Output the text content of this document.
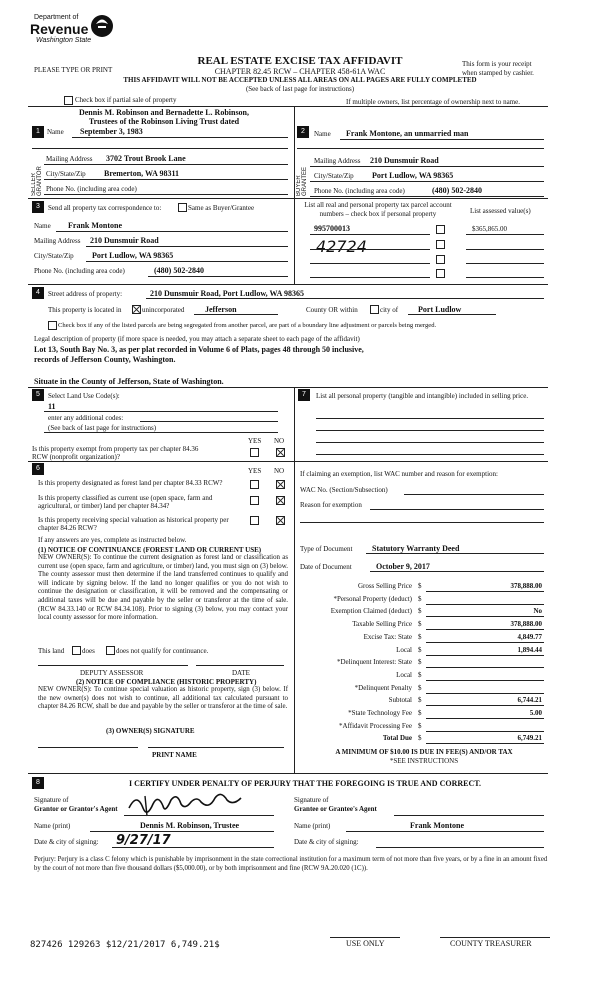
Department of
Revenue
Washington State
REAL ESTATE EXCISE TAX AFFIDAVIT
CHAPTER 82.45 RCW – CHAPTER 458-61A WAC
THIS AFFIDAVIT WILL NOT BE ACCEPTED UNLESS ALL AREAS ON ALL PAGES ARE FULLY COMPLETED
(See back of last page for instructions)
PLEASE TYPE OR PRINT
This form is your receipt
when stamped by cashier.
Check box if partial sale of property	If multiple owners, list percentage of ownership next to name.
Dennis M. Robinson and Bernadette L. Robinson,
Trustees of the Robinson Living Trust dated
1	Name September 3, 1983
SELLER GRANTOR
Mailing Address 3702 Trout Brook Lane
City/State/Zip Bremerton, WA 98311
Phone No. (including area code)
2	Name Frank Montone, an unmarried man
BUYER GRANTEE
Mailing Address 210 Dunsmuir Road
City/State/Zip Port Ludlow, WA 98365
Phone No. (including area code)	(480) 502-2840
3	Send all property tax correspondence to:	Same as Buyer/Grantee
Name Frank Montone
Mailing Address 210 Dunsmuir Road
City/State/Zip Port Ludlow, WA 98365
Phone No. (including area code)	(480) 502-2840
List all real and personal property tax parcel account
numbers – check box if personal property	List assessed value(s)
995700013	$365,865.00
42724
4	Street address of property:	210 Dunsmuir Road, Port Ludlow, WA 98365
This property is located in	unincorporated	Jefferson	County OR within	city of Port Ludlow
Check box if any of the listed parcels are being segregated from another parcel, are part of a boundary line adjustment or parcels being merged.
Legal description of property (if more space is needed, you may attach a separate sheet to each page of the affidavit)
Lot 13, South Bay No. 3, as per plat recorded in Volume 6 of Plats, pages 48 through 50 inclusive,
records of Jefferson County, Washington.
Situate in the County of Jefferson, State of Washington.
5	Select Land Use Code(s):
11
enter any additional codes:
(See back of last page for instructions)
YES NO
Is this property exempt from property tax per chapter 84.36 RCW (nonprofit organization)?
7	List all personal property (tangible and intangible) included in selling price.
6	YES NO
Is this property designated as forest land per chapter 84.33 RCW?
Is this property classified as current use (open space, farm and agricultural, or timber) land per chapter 84.34?
Is this property receiving special valuation as historical property per chapter 84.26 RCW?
If any answers are yes, complete as instructed below.
(1) NOTICE OF CONTINUANCE (FOREST LAND OR CURRENT USE)
NEW OWNER(S): To continue the current designation as forest land or classification as current use (open space, farm and agriculture, or timber) land, you must sign on (3) below. The county assessor must then determine if the land transferred continues to qualify and will indicate by signing below. If the land no longer qualifies or you do not wish to continue the designation or classification, it will be removed and the compensating or additional taxes will be due and payable by the seller or transferor at the time of sale. (RCW 84.33.140 or RCW 84.34.108). Prior to signing (3) below, you may contact your local county assessor for more information.
This land	does	does not qualify for continuance.
DEPUTY ASSESSOR	DATE
(2) NOTICE OF COMPLIANCE (HISTORIC PROPERTY)
NEW OWNER(S): To continue special valuation as historic property, sign (3) below. If the new owner(s) does not wish to continue, all additional tax calculated pursuant to chapter 84.26 RCW, shall be due and payable by the seller or transferor at the time of sale.
(3) OWNER(S) SIGNATURE
PRINT NAME
If claiming an exemption, list WAC number and reason for exemption:
WAC No. (Section/Subsection)
Reason for exemption
Type of Document Statutory Warranty Deed
Date of Document	October 9, 2017
Gross Selling Price $	378,888.00
*Personal Property (deduct) $
Exemption Claimed (deduct) $	No
Taxable Selling Price $	378,888.00
Excise Tax: State $	4,849.77
Local $	1,894.44
*Delinquent Interest: State $
Local $
*Delinquent Penalty $
Subtotal $	6,744.21
*State Technology Fee $	5.00
*Affidavit Processing Fee $
Total Due $	6,749.21
A MINIMUM OF $10.00 IS DUE IN FEE(S) AND/OR TAX
*SEE INSTRUCTIONS
8	I CERTIFY UNDER PENALTY OF PERJURY THAT THE FOREGOING IS TRUE AND CORRECT.
Signature of
Grantor or Grantor's Agent
Signature of
Grantee or Grantee's Agent
Name (print)	Dennis M. Robinson, Trustee	Name (print)	Frank Montone
Date & city of signing: 9/27/17	Date & city of signing:
Perjury: Perjury is a class C felony which is punishable by imprisonment in the state correctional institution for a maximum term of not more than five years, or by a fine in an amount fixed by the court of not more than five thousand dollars ($5,000.00), or by both imprisonment and fine (RCW 9A.20.020 (1C)).
827426 129263 $12/21/2017 6,749.21$	USE ONLY	COUNTY TREASURER
